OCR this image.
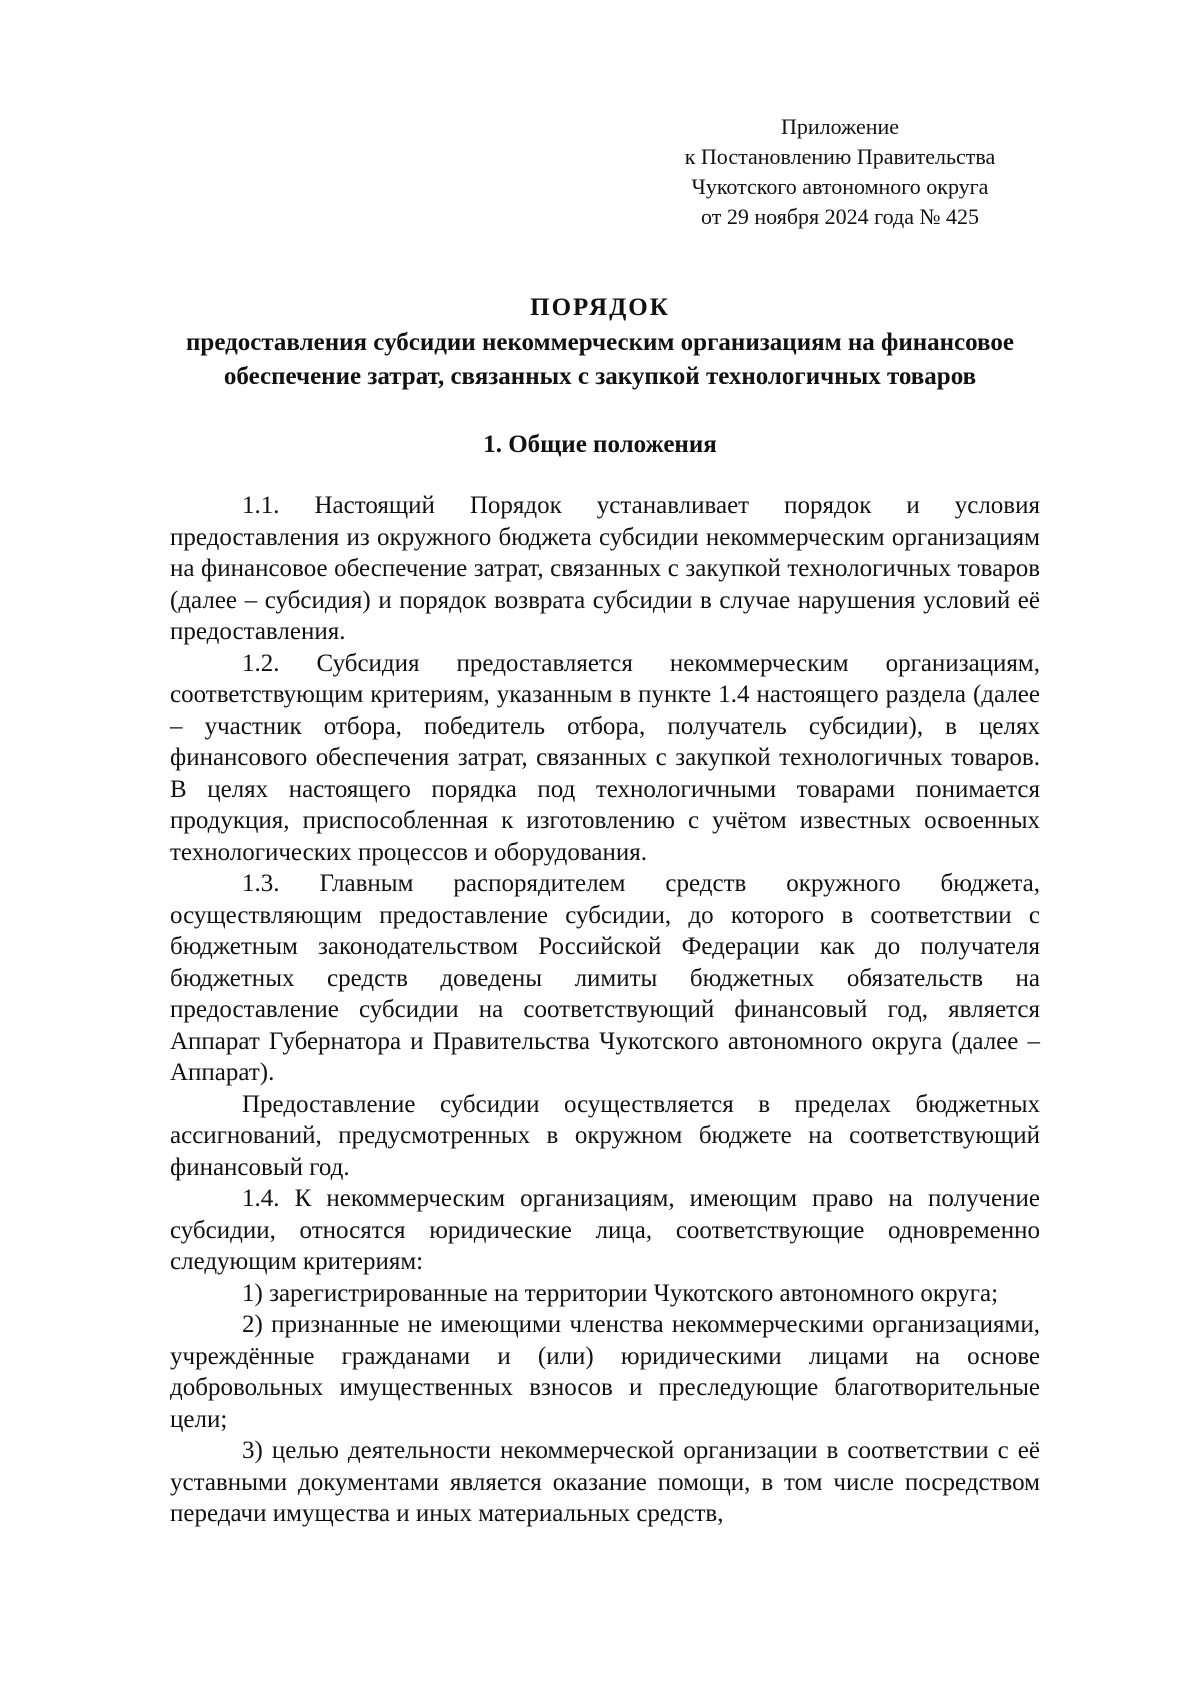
Приложение
к Постановлению Правительства
Чукотского автономного округа
от 29 ноября 2024 года № 425
ПОРЯДОК
предоставления субсидии некоммерческим организациям на финансовое обеспечение затрат, связанных с закупкой технологичных товаров
1. Общие положения

1.1. Настоящий Порядок устанавливает порядок и условия предоставления из окружного бюджета субсидии некоммерческим организациям на финансовое обеспечение затрат, связанных с закупкой технологичных товаров (далее – субсидия) и порядок возврата субсидии в случае нарушения условий её предоставления.

1.2. Субсидия предоставляется некоммерческим организациям, соответствующим критериям, указанным в пункте 1.4 настоящего раздела (далее – участник отбора, победитель отбора, получатель субсидии), в целях финансового обеспечения затрат, связанных с закупкой технологичных товаров. В целях настоящего порядка под технологичными товарами понимается продукция, приспособленная к изготовлению с учётом известных освоенных технологических процессов и оборудования.

1.3. Главным распорядителем средств окружного бюджета, осуществляющим предоставление субсидии, до которого в соответствии с бюджетным законодательством Российской Федерации как до получателя бюджетных средств доведены лимиты бюджетных обязательств на предоставление субсидии на соответствующий финансовый год, является Аппарат Губернатора и Правительства Чукотского автономного округа (далее – Аппарат).

Предоставление субсидии осуществляется в пределах бюджетных ассигнований, предусмотренных в окружном бюджете на соответствующий финансовый год.

1.4. К некоммерческим организациям, имеющим право на получение субсидии, относятся юридические лица, соответствующие одновременно следующим критериям:

1) зарегистрированные на территории Чукотского автономного округа;

2) признанные не имеющими членства некоммерческими организациями, учреждённые гражданами и (или) юридическими лицами на основе добровольных имущественных взносов и преследующие благотворительные цели;

3) целью деятельности некоммерческой организации в соответствии с её уставными документами является оказание помощи, в том числе посредством передачи имущества и иных материальных средств,
